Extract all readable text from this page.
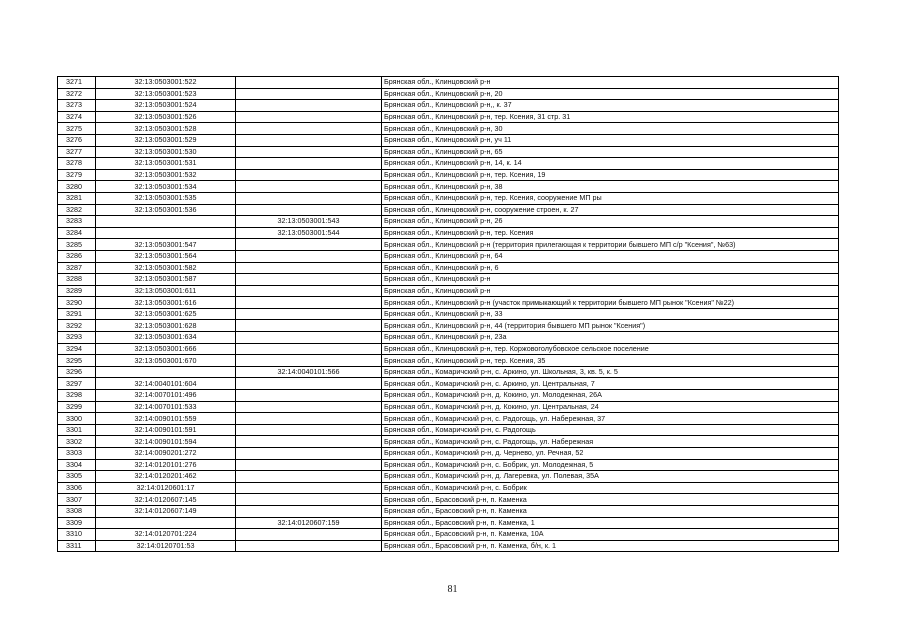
3271	32:13:0503001:522		Брянская обл., Клинцовский р-н
3272	32:13:0503001:523		Брянская обл., Клинцовский р-н, 20
3273	32:13:0503001:524		Брянская обл., Клинцовский р-н,, к. 37
3274	32:13:0503001:526		Брянская обл., Клинцовский р-н, тер. Ксения, 31 стр. 31
3275	32:13:0503001:528		Брянская обл., Клинцовский р-н, 30
3276	32:13:0503001:529		Брянская обл., Клинцовский р-н, уч 11
3277	32:13:0503001:530		Брянская обл., Клинцовский р-н, 65
3278	32:13:0503001:531		Брянская обл., Клинцовский р-н, 14, к. 14
3279	32:13:0503001:532		Брянская обл., Клинцовский р-н, тер. Ксения, 19
3280	32:13:0503001:534		Брянская обл., Клинцовский р-н, 38
3281	32:13:0503001:535		Брянская обл., Клинцовский р-н, тер. Ксения, сооружение МП ры
3282	32:13:0503001:536		Брянская обл., Клинцовский р-н, сооружение строен, к. 27
3283		32:13:0503001:543	Брянская обл., Клинцовский р-н, 26
3284		32:13:0503001:544	Брянская обл., Клинцовский р-н, тер. Ксения
3285	32:13:0503001:547		Брянская обл., Клинцовский р-н (территория прилегающая к территории бывшего МП с/р "Ксения", №63)
3286	32:13:0503001:564		Брянская обл., Клинцовский р-н, 64
3287	32:13:0503001:582		Брянская обл., Клинцовский р-н, 6
3288	32:13:0503001:587		Брянская обл., Клинцовский р-н
3289	32:13:0503001:611		Брянская обл., Клинцовский р-н
3290	32:13:0503001:616		Брянская обл., Клинцовский р-н (участок примыкающий к территории бывшего МП рынок "Ксения" №22)
3291	32:13:0503001:625		Брянская обл., Клинцовский р-н, 33
3292	32:13:0503001:628		Брянская обл., Клинцовский р-н, 44 (территория бывшего МП рынок "Ксения")
3293	32:13:0503001:634		Брянская обл., Клинцовский р-н, 23а
3294	32:13:0503001:666		Брянская обл., Клинцовский р-н, тер. Коржовоголубовское сельское поселение
3295	32:13:0503001:670		Брянская обл., Клинцовский р-н, тер. Ксения, 35
3296		32:14:0040101:566	Брянская обл., Комаричский р-н, с. Аркино, ул. Школьная, 3, кв. 5, к. 5
3297	32:14:0040101:604		Брянская обл., Комаричский р-н, с. Аркино, ул. Центральная, 7
3298	32:14:0070101:496		Брянская обл., Комаричский р-н, д. Кокино, ул. Молодежная, 26А
3299	32:14:0070101:533		Брянская обл., Комаричский р-н, д. Кокино, ул. Центральная, 24
3300	32:14:0090101:559		Брянская обл., Комаричский р-н, с. Радогощь, ул. Набережная, 37
3301	32:14:0090101:591		Брянская обл., Комаричский р-н, с. Радогощь
3302	32:14:0090101:594		Брянская обл., Комаричский р-н, с. Радогощь, ул. Набережная
3303	32:14:0090201:272		Брянская обл., Комаричский р-н, д. Чернево, ул. Речная, 52
3304	32:14:0120101:276		Брянская обл., Комаричский р-н, с. Бобрик, ул. Молодежная, 5
3305	32:14:0120201:462		Брянская обл., Комаричский р-н, д. Лагеревка, ул. Полевая, 35А
3306	32:14:0120601:17		Брянская обл., Комаричский р-н, с. Бобрик
3307	32:14:0120607:145		Брянская обл., Брасовский р-н, п. Каменка
3308	32:14:0120607:149		Брянская обл., Брасовский р-н, п. Каменка
3309		32:14:0120607:159	Брянская обл., Брасовский р-н, п. Каменка, 1
3310	32:14:0120701:224		Брянская обл., Брасовский р-н, п. Каменка, 10А
3311	32:14:0120701:53		Брянская обл., Брасовский р-н, п. Каменка, б/н, к. 1
81
